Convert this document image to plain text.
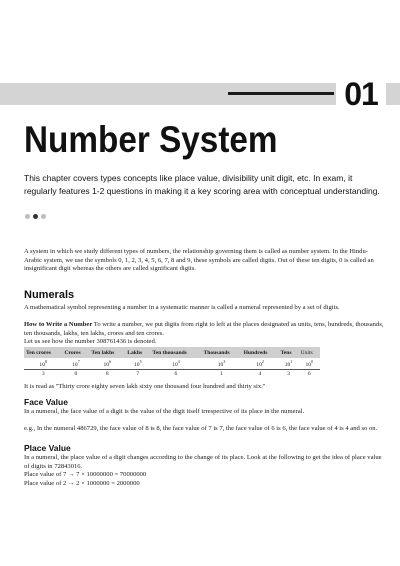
01
Number System
This chapter covers types concepts like place value, divisibility unit digit, etc. In exam, it regularly features 1-2 questions in making it a key scoring area with conceptual understanding.

A system in which we study different types of numbers, the relationship governing them is called as number system. In the Hindu-Arabic system, we use the symbols 0, 1, 2, 3, 4, 5, 6, 7, 8 and 9, these symbols are called digits. Out of these ten digits, 0 is called an insignificant digit whereas the others are called significant digits.

Numerals

A mathematical symbol representing a number in a systematic manner is called a numeral represented by a set of digits.

How to Write a Number To write a number, we put digits from right to left at the places designated as units, tens, hundreds, thousands, ten thousands, lakhs, ten lakhs, crores and ten crores.

Let us see how the number 308761436 is denoted.

Ten crores	Crores	Ten lakhs	Lakhs	Ten thousands	Thousands	Hundreds	Tens	Units
$10^8$	$10^7$	$10^6$	$10^5$	$10^4$	$10^3$	$10^2$	$10^1$	$10^0$
3	0	8	7	6	1	4	3	6

It is read as ''Thirty crore eighty seven lakh sixty one thousand four hundred and thirty six.''

Face Value

In a numeral, the face value of a digit is the value of the digit itself irrespective of its place in the numeral.

e.g., In the numeral 486729, the face value of 8 is 8, the face value of 7 is 7, the face value of 6 is 6, the face value of 4 is 4 and so on.

Place Value

In a numeral, the place value of a digit changes according to the change of its place. Look at the following to get the idea of place value of digits in 72843016.

Place value of 7 → 7 × 10000000 = 70000000

Place value of 2 → 2 × 1000000 = 2000000
